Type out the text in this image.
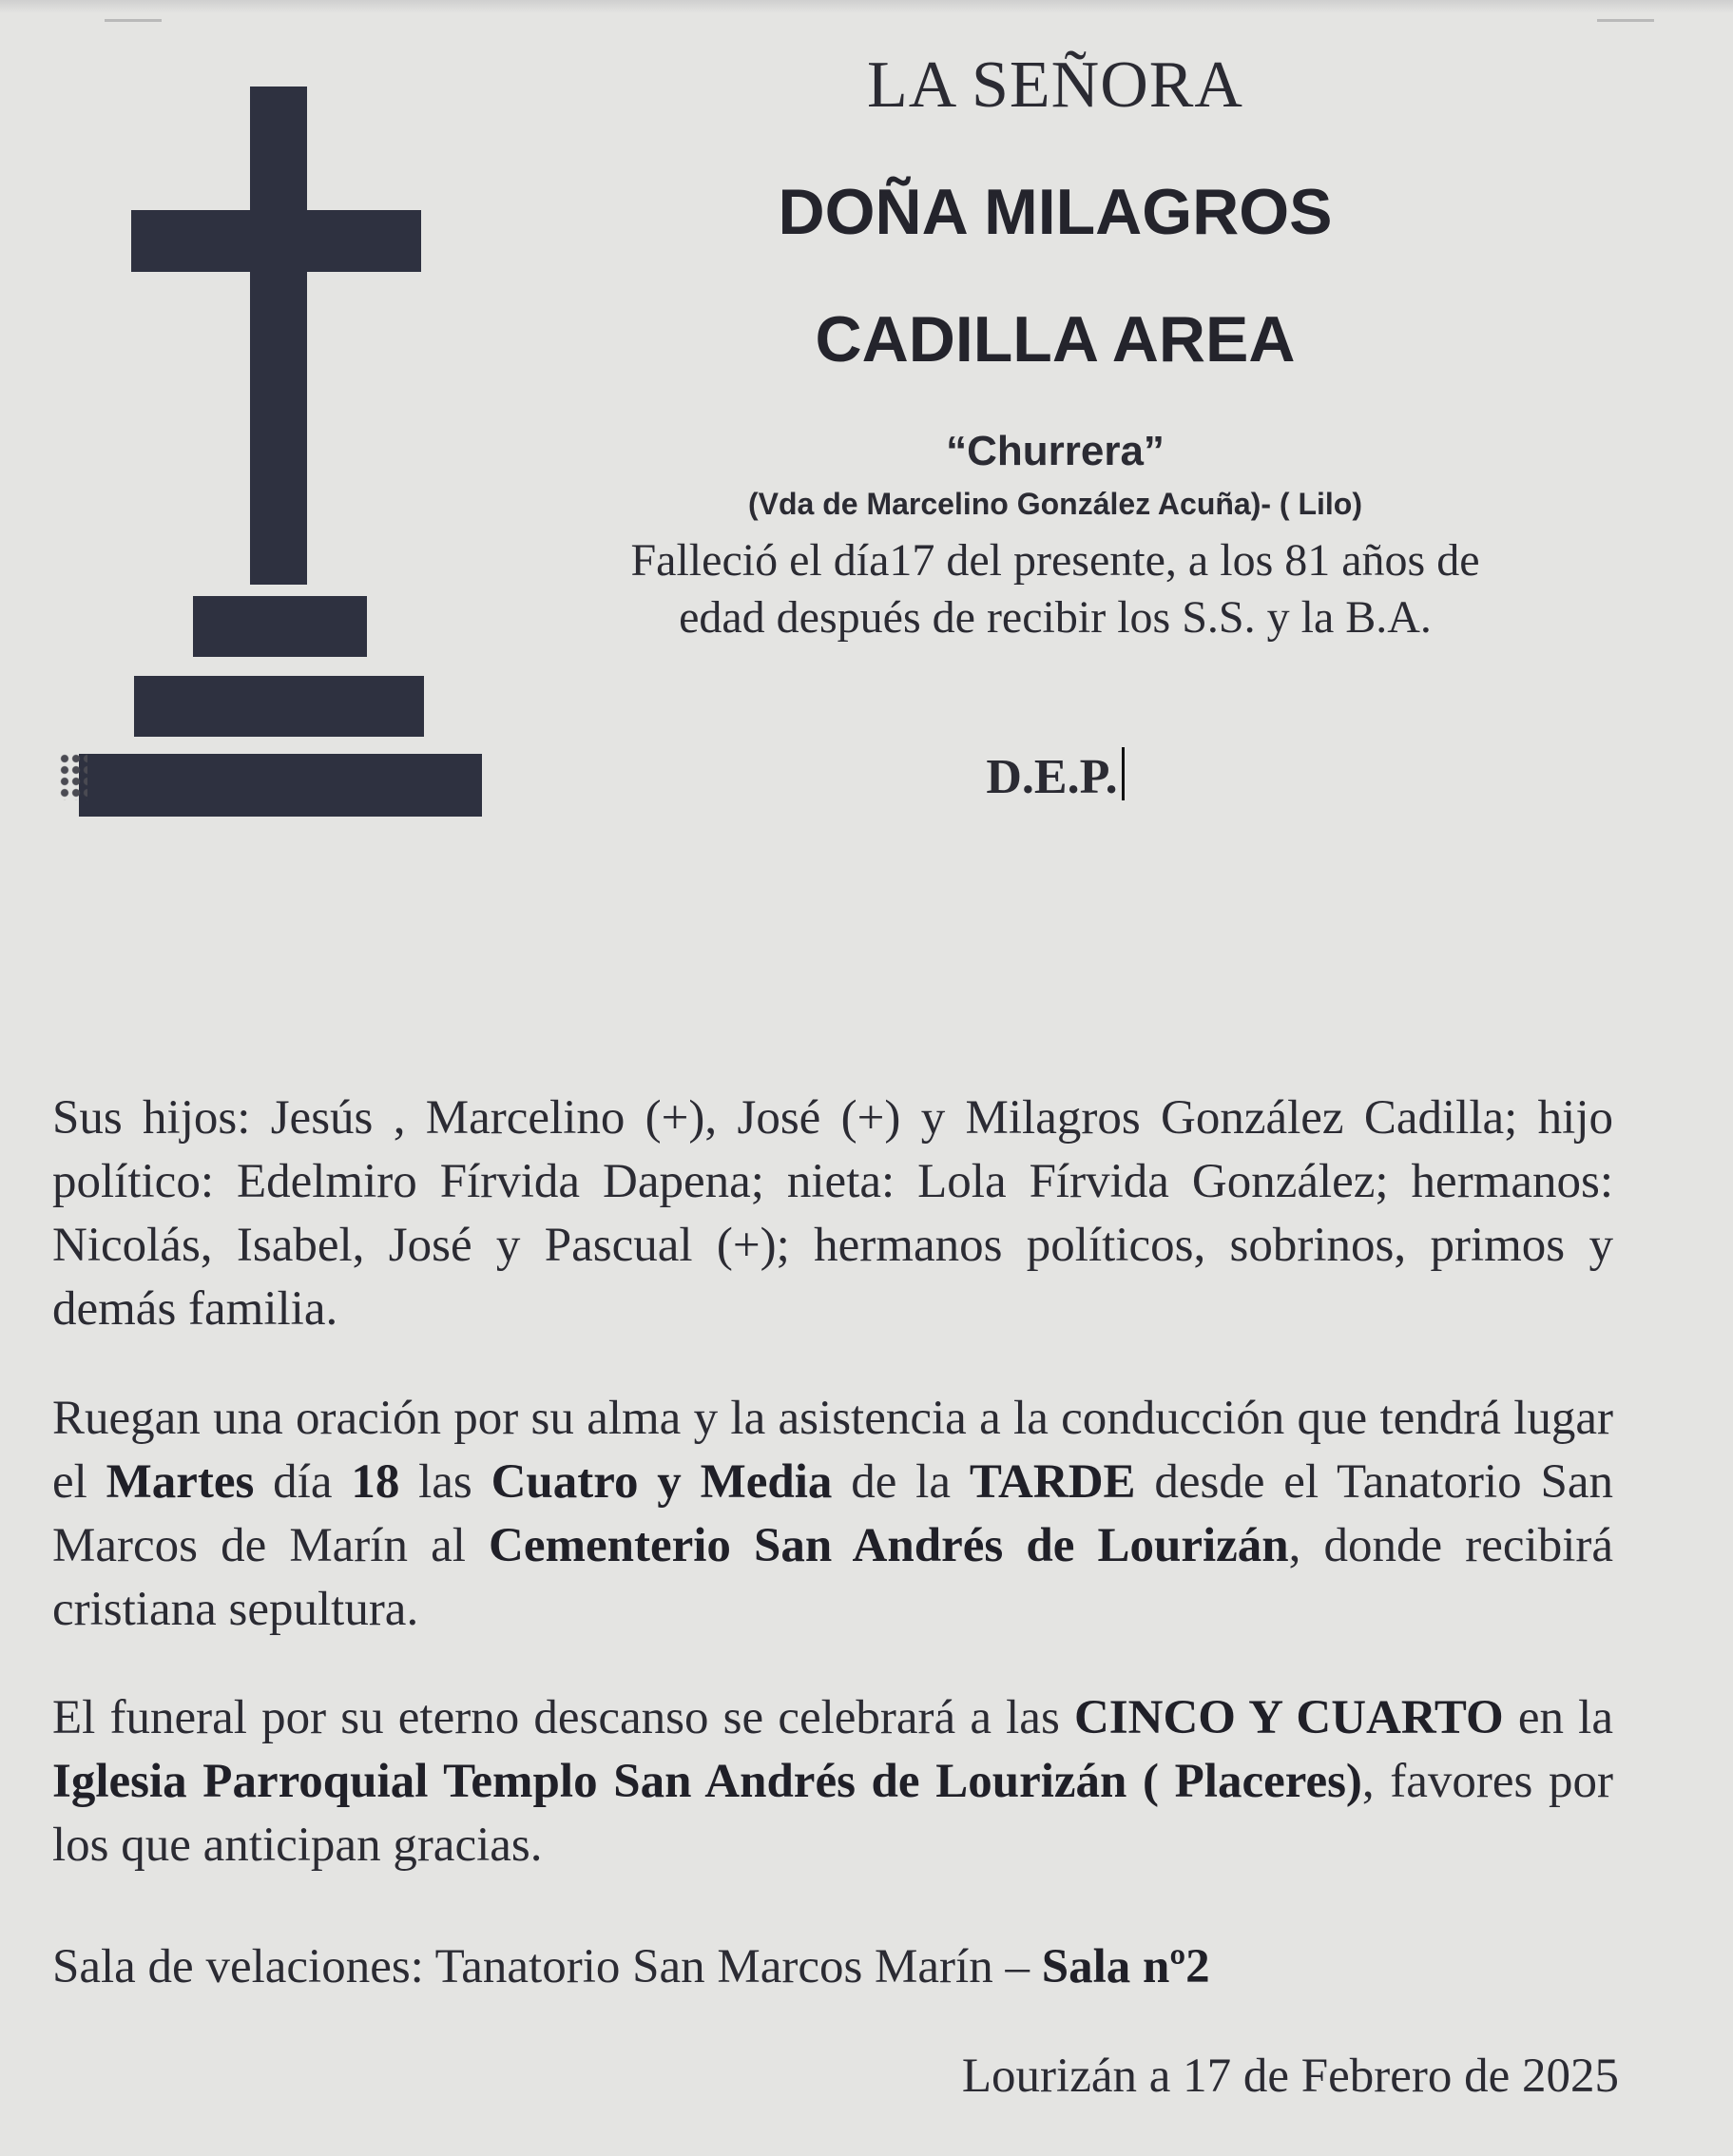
LA SEÑORA
DOÑA MILAGROS
CADILLA AREA
“Churrera”
(Vda de Marcelino González Acuña)- ( Lilo)
Falleció el día17 del presente, a los 81 años de
edad después de recibir los S.S. y la B.A.
D.E.P.

Sus hijos: Jesús , Marcelino (+), José (+) y Milagros González Cadilla; hijo político: Edelmiro Fírvida Dapena; nieta: Lola Fírvida González; hermanos: Nicolás, Isabel, José y Pascual (+); hermanos políticos, sobrinos, primos y demás familia.

Ruegan una oración por su alma y la asistencia a la conducción que tendrá lugar el Martes día 18 las Cuatro y Media de la TARDE desde el Tanatorio San Marcos de Marín al Cementerio San Andrés de Lourizán, donde recibirá cristiana sepultura.

El funeral por su eterno descanso se celebrará a las CINCO Y CUARTO en la Iglesia Parroquial Templo San Andrés de Lourizán ( Placeres), favores por los que anticipan gracias.

Sala de velaciones: Tanatorio San Marcos Marín – Sala nº2

Lourizán a 17 de Febrero de 2025
